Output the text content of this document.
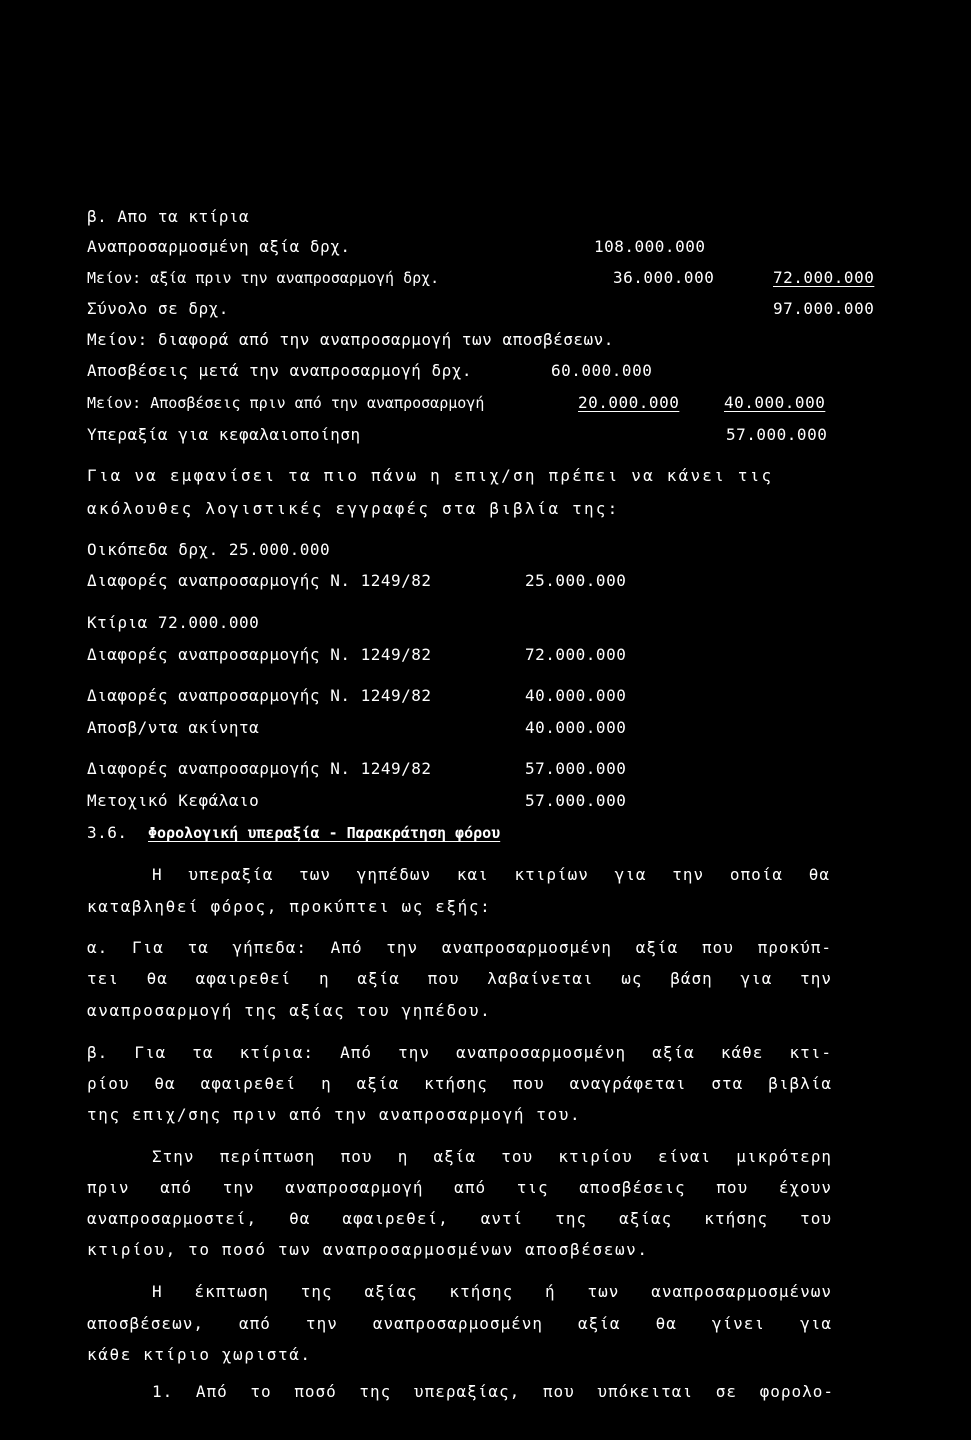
β. Απο τα κτίρια
Αναπροσαρμοσμένη αξία δρχ.	108.000.000
Μείον: αξία πριν την αναπροσαρμογή δρχ.	36.000.000	72.000.000
Σύνολο σε δρχ.	97.000.000
Μείον: διαφορά από την αναπροσαρμογή των αποσβέσεων.
Αποσβέσεις μετά την αναπροσαρμογή δρχ.	60.000.000
Μείον: Αποσβέσεις πριν από την αναπροσαρμογή	20.000.000	40.000.000
Υπεραξία για κεφαλαιοποίηση	57.000.000
Για να εμφανίσει τα πιο πάνω η επιχ/ση πρέπει να κάνει τις
ακόλουθες λογιστικές εγγραφές στα βιβλία της:
Οικόπεδα δρχ. 25.000.000
Διαφορές αναπροσαρμογής Ν. 1249/82	25.000.000
Κτίρια 72.000.000
Διαφορές αναπροσαρμογής Ν. 1249/82	72.000.000
Διαφορές αναπροσαρμογής Ν. 1249/82	40.000.000
Αποσβ/ντα ακίνητα	40.000.000
Διαφορές αναπροσαρμογής Ν. 1249/82	57.000.000
Μετοχικό Κεφάλαιο	57.000.000
3.6. Φορολογική υπεραξία - Παρακράτηση φόρου
Η υπεραξία των γηπέδων και κτιρίων για την οποία θα
καταβληθεί φόρος, προκύπτει ως εξής:
α. Για τα γήπεδα: Από την αναπροσαρμοσμένη αξία που προκύπ-
τει θα αφαιρεθεί η αξία που λαβαίνεται ως βάση για την
αναπροσαρμογή της αξίας του γηπέδου.
β. Για τα κτίρια: Από την αναπροσαρμοσμένη αξία κάθε κτι-
ρίου θα αφαιρεθεί η αξία κτήσης που αναγράφεται στα βιβλία
της επιχ/σης πριν από την αναπροσαρμογή του.
Στην περίπτωση που η αξία του κτιρίου είναι μικρότερη
πριν από την αναπροσαρμογή από τις αποσβέσεις που έχουν
αναπροσαρμοστεί, θα αφαιρεθεί, αντί της αξίας κτήσης του
κτιρίου, το ποσό των αναπροσαρμοσμένων αποσβέσεων.
Η έκπτωση της αξίας κτήσης ή των αναπροσαρμοσμένων
αποσβέσεων, από την αναπροσαρμοσμένη αξία θα γίνει για
κάθε κτίριο χωριστά.
1. Από το ποσό της υπεραξίας, που υπόκειται σε φορολο-
